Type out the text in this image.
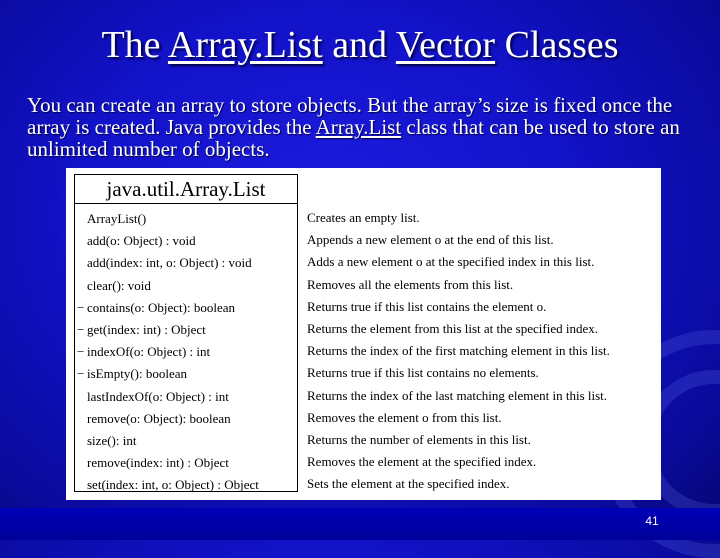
The Array.List and Vector Classes
You can create an array to store objects. But the array’s size is fixed once the array is created. Java provides the Array.List class that can be used to store an unlimited number of objects.
java.util.Array.List
ArrayList()
add(o: Object) : void
add(index: int, o: Object) : void
clear(): void
− contains(o: Object): boolean
− get(index: int) : Object
− indexOf(o: Object) : int
− isEmpty(): boolean
lastIndexOf(o: Object) : int
remove(o: Object): boolean
size(): int
remove(index: int) : Object
set(index: int, o: Object) : Object
Creates an empty list.
Appends a new element o at the end of this list.
Adds a new element o at the specified index in this list.
Removes all the elements from this list.
Returns true if this list contains the element o.
Returns the element from this list at the specified index.
Returns the index of the first matching element in this list.
Returns true if this list contains no elements.
Returns the index of the last matching element in this list.
Removes the element o from this list.
Returns the number of elements in this list.
Removes the element at the specified index.
Sets the element at the specified index.
41
